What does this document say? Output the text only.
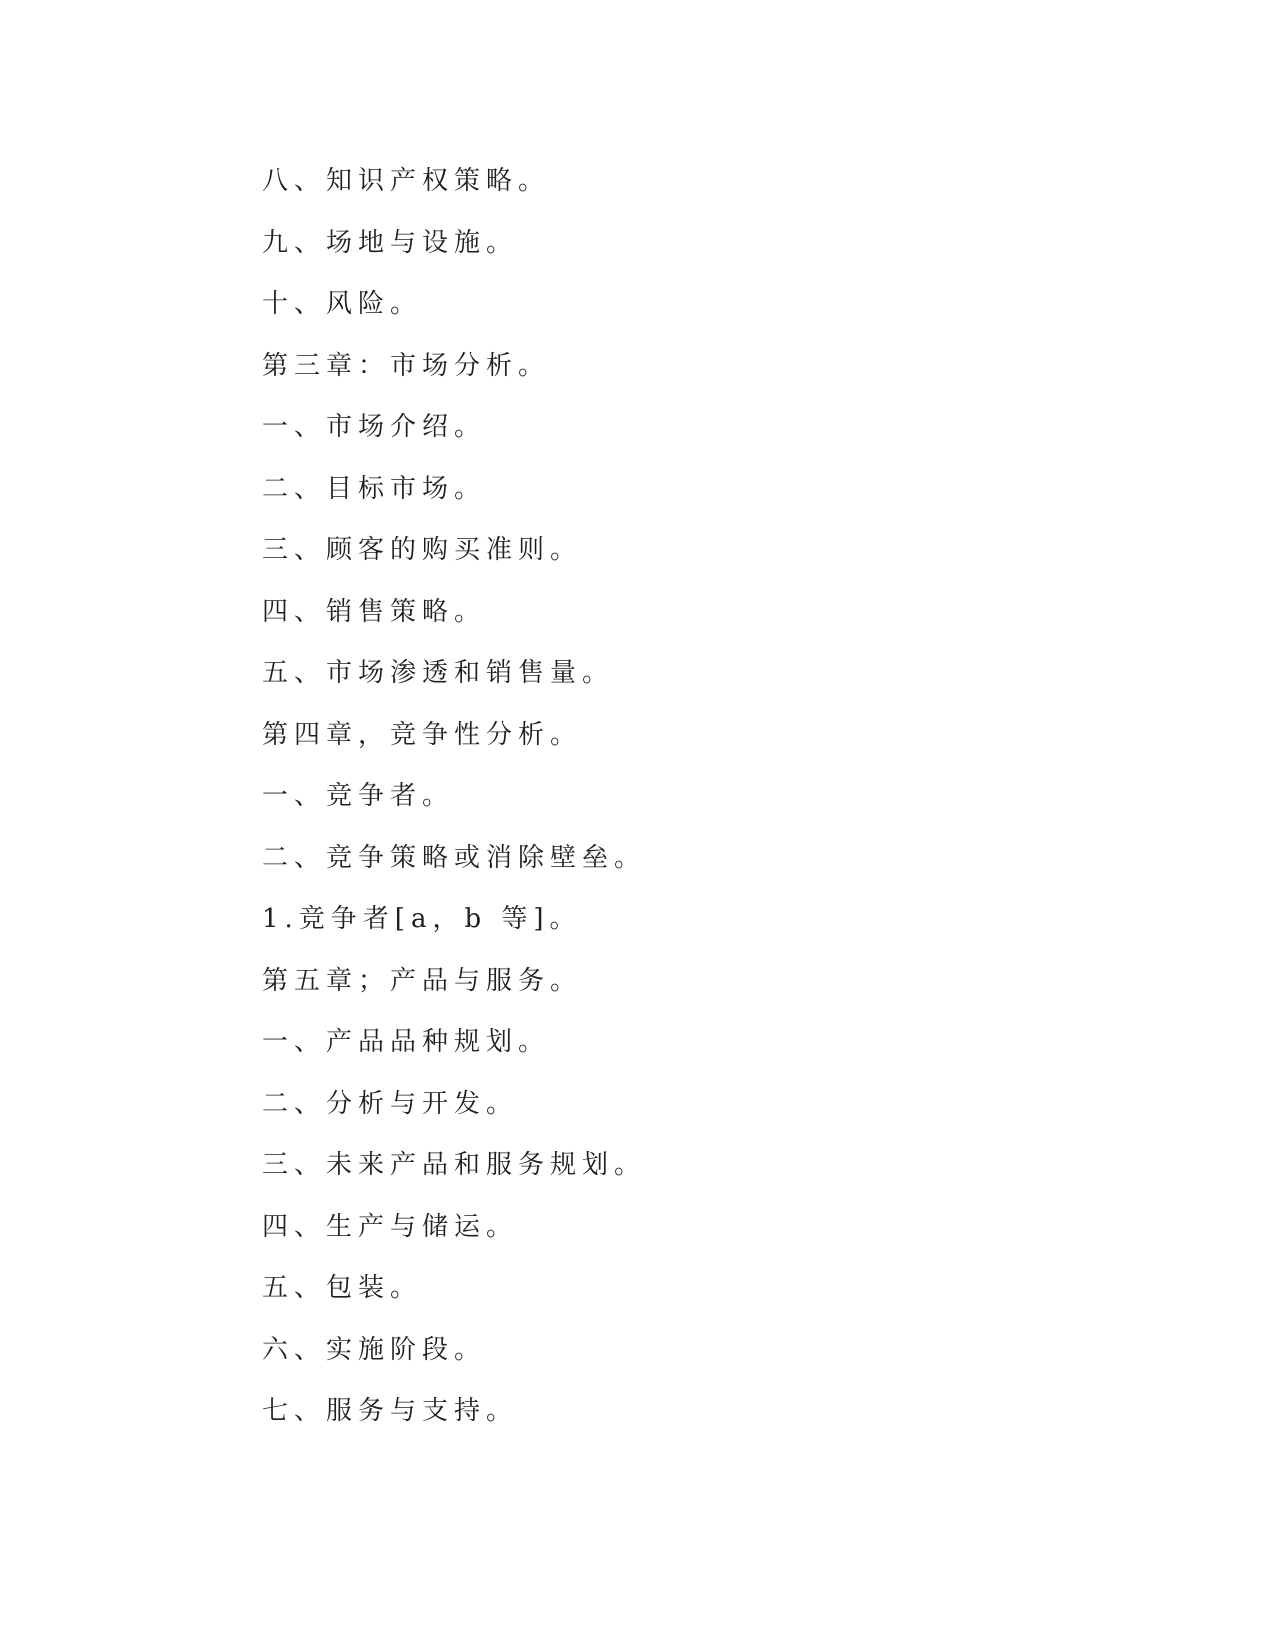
八、知识产权策略。
九、场地与设施。
十、风险。
第三章：市场分析。
一、市场介绍。
二、目标市场。
三、顾客的购买准则。
四、销售策略。
五、市场渗透和销售量。
第四章，竞争性分析。
一、竞争者。
二、竞争策略或消除壁垒。
1.竞争者[a，b 等]。
第五章；产品与服务。
一、产品品种规划。
二、分析与开发。
三、未来产品和服务规划。
四、生产与储运。
五、包装。
六、实施阶段。
七、服务与支持。
